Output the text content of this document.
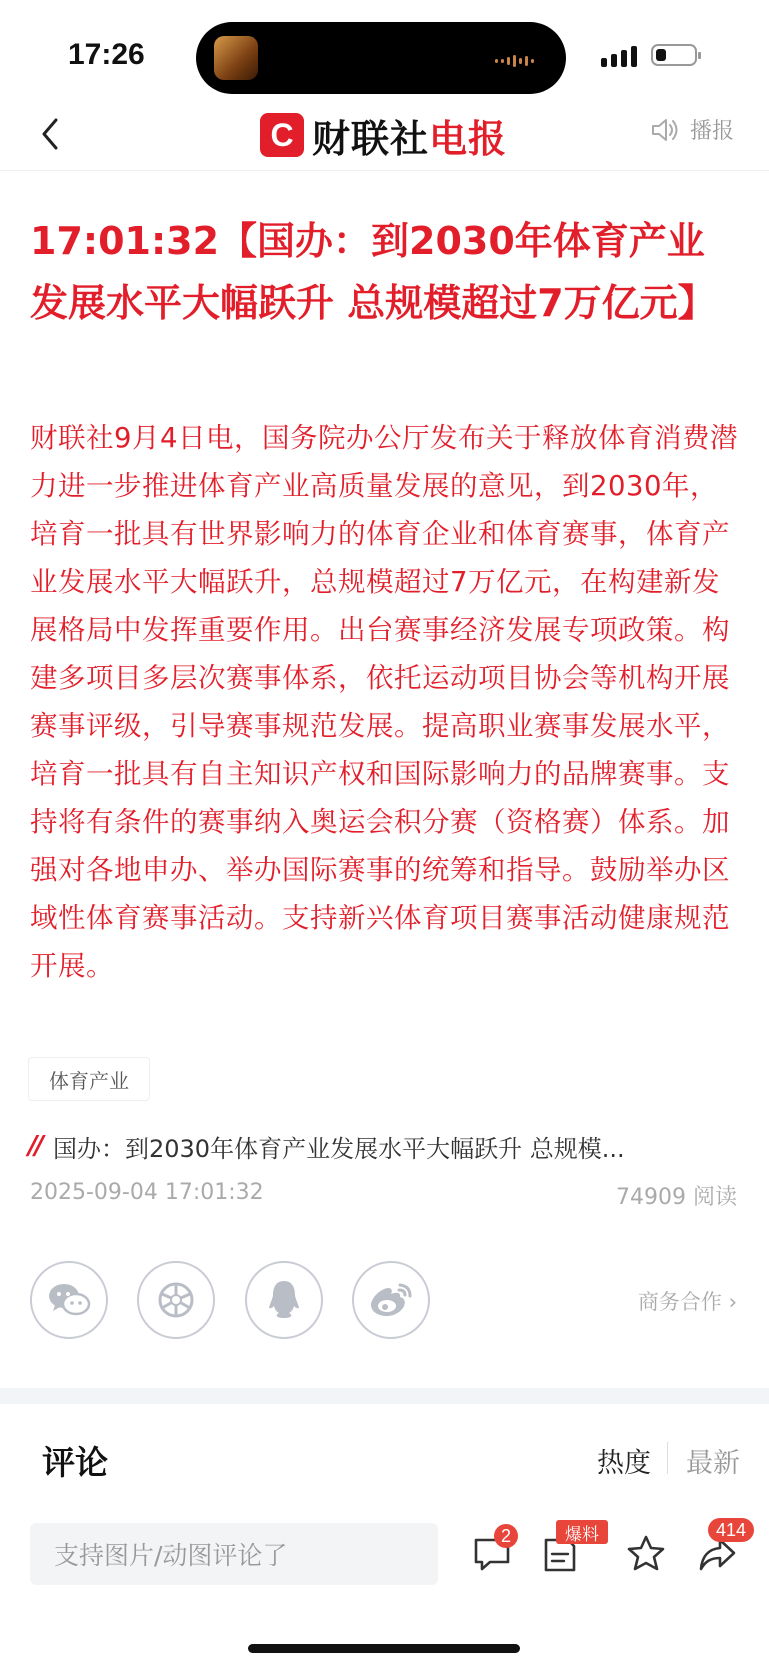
17:26
C 财联社电报	播报
17:01:32【国办：到2030年体育产业发展水平大幅跃升 总规模超过7万亿元】

财联社9月4日电，国务院办公厅发布关于释放体育消费潜力进一步推进体育产业高质量发展的意见，到2030年，培育一批具有世界影响力的体育企业和体育赛事，体育产业发展水平大幅跃升，总规模超过7万亿元，在构建新发展格局中发挥重要作用。出台赛事经济发展专项政策。构建多项目多层次赛事体系，依托运动项目协会等机构开展赛事评级，引导赛事规范发展。提高职业赛事发展水平，培育一批具有自主知识产权和国际影响力的品牌赛事。支持将有条件的赛事纳入奥运会积分赛（资格赛）体系。加强对各地申办、举办国际赛事的统筹和指导。鼓励举办区域性体育赛事活动。支持新兴体育项目赛事活动健康规范开展。

体育产业
// 国办：到2030年体育产业发展水平大幅跃升 总规模...
2025-09-04 17:01:32	74909 阅读
商务合作 ›
评论	热度 最新
支持图片/动图评论了
2	爆料	414
